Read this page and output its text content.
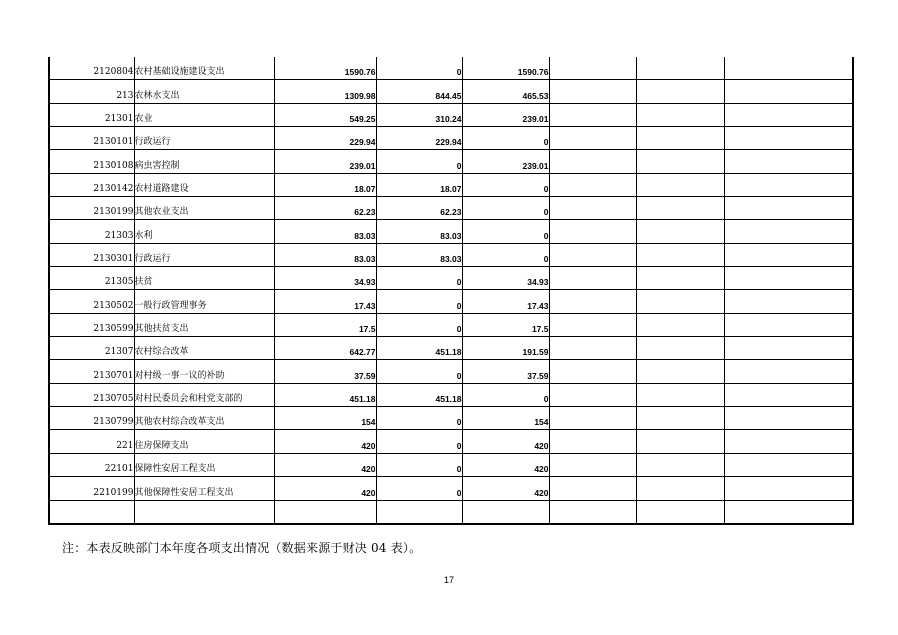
2120804	农村基础设施建设支出	1590.76	0	1590.76			
213	农林水支出	1309.98	844.45	465.53			
21301	农业	549.25	310.24	239.01			
2130101	行政运行	229.94	229.94	0			
2130108	病虫害控制	239.01	0	239.01			
2130142	农村道路建设	18.07	18.07	0			
2130199	其他农业支出	62.23	62.23	0			
21303	水利	83.03	83.03	0			
2130301	行政运行	83.03	83.03	0			
21305	扶贫	34.93	0	34.93			
2130502	一般行政管理事务	17.43	0	17.43			
2130599	其他扶贫支出	17.5	0	17.5			
21307	农村综合改革	642.77	451.18	191.59			
2130701	对村级一事一议的补助	37.59	0	37.59			
2130705	对村民委员会和村党支部的	451.18	451.18	0			
2130799	其他农村综合改革支出	154	0	154			
221	住房保障支出	420	0	420			
22101	保障性安居工程支出	420	0	420			
2210199	其他保障性安居工程支出	420	0	420			

注：本表反映部门本年度各项支出情况（数据来源于财决 04 表）。
17
